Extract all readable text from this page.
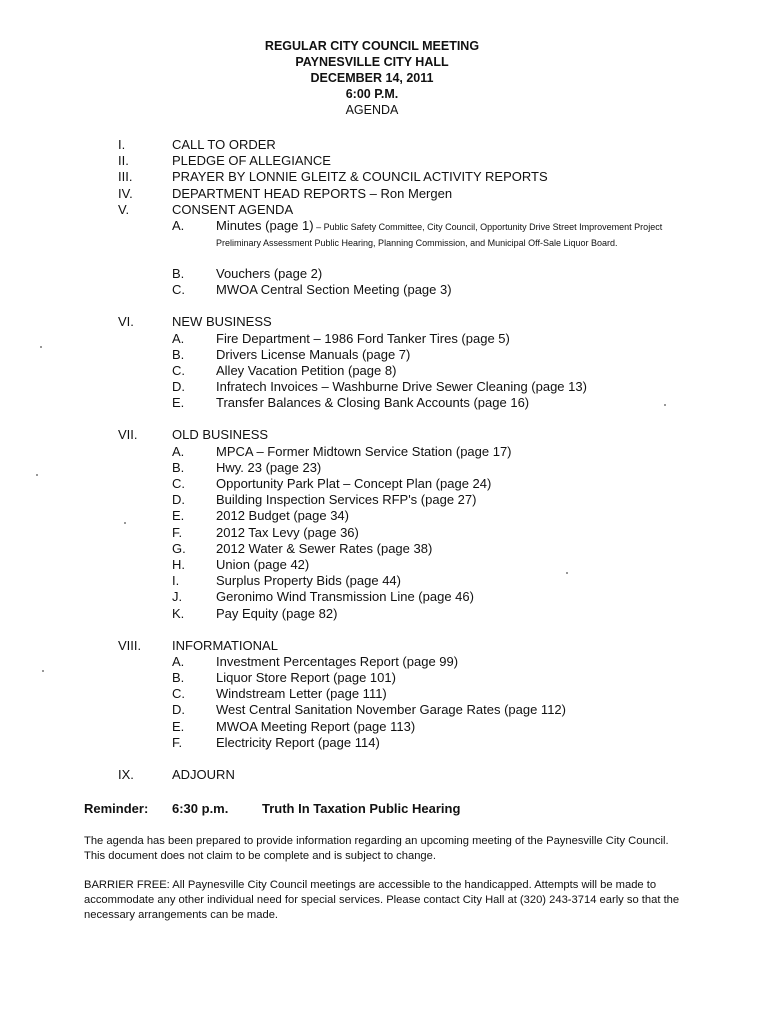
REGULAR CITY COUNCIL MEETING
PAYNESVILLE CITY HALL
DECEMBER 14, 2011
6:00 P.M.
AGENDA
I.	CALL TO ORDER
II.	PLEDGE OF ALLEGIANCE
III.	PRAYER BY LONNIE GLEITZ & COUNCIL ACTIVITY REPORTS
IV.	DEPARTMENT HEAD REPORTS – Ron Mergen
V.	CONSENT AGENDA
A. Minutes (page 1) – Public Safety Committee, City Council, Opportunity Drive Street Improvement Project Preliminary Assessment Public Hearing, Planning Commission, and Municipal Off-Sale Liquor Board.
B. Vouchers (page 2)
C. MWOA Central Section Meeting (page 3)
VI.	NEW BUSINESS
A. Fire Department – 1986 Ford Tanker Tires (page 5)
B. Drivers License Manuals (page 7)
C. Alley Vacation Petition (page 8)
D. Infratech Invoices – Washburne Drive Sewer Cleaning (page 13)
E. Transfer Balances & Closing Bank Accounts (page 16)
VII.	OLD BUSINESS
A. MPCA – Former Midtown Service Station (page 17)
B. Hwy. 23 (page 23)
C. Opportunity Park Plat – Concept Plan (page 24)
D. Building Inspection Services RFP's (page 27)
E. 2012 Budget (page 34)
F.	2012 Tax Levy (page 36)
G. 2012 Water & Sewer Rates (page 38)
H. Union (page 42)
I.	Surplus Property Bids (page 44)
J.	Geronimo Wind Transmission Line (page 46)
K. Pay Equity (page 82)
VIII. INFORMATIONAL
A. Investment Percentages Report (page 99)
B. Liquor Store Report (page 101)
C. Windstream Letter (page 111)
D. West Central Sanitation November Garage Rates (page 112)
E. MWOA Meeting Report (page 113)
F.	Electricity Report (page 114)
IX.	ADJOURN
Reminder: 6:30 p.m.	Truth In Taxation Public Hearing
The agenda has been prepared to provide information regarding an upcoming meeting of the Paynesville City Council. This document does not claim to be complete and is subject to change.
BARRIER FREE: All Paynesville City Council meetings are accessible to the handicapped. Attempts will be made to accommodate any other individual need for special services. Please contact City Hall at (320) 243-3714 early so that the necessary arrangements can be made.
